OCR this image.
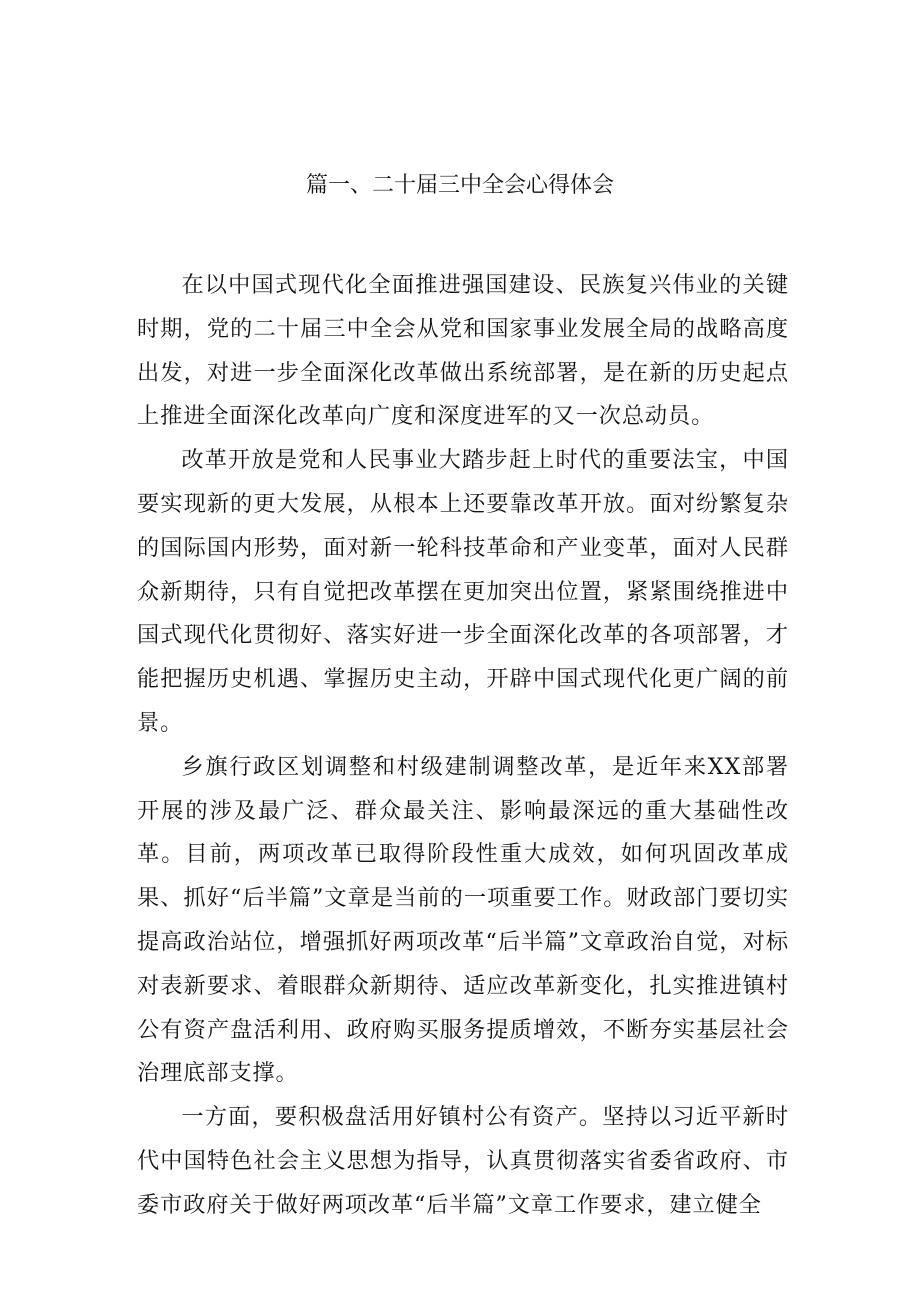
篇一、二十届三中全会心得体会

在以中国式现代化全面推进强国建设、民族复兴伟业的关键时期，党的二十届三中全会从党和国家事业发展全局的战略高度出发，对进一步全面深化改革做出系统部署，是在新的历史起点上推进全面深化改革向广度和深度进军的又一次总动员。

改革开放是党和人民事业大踏步赶上时代的重要法宝，中国要实现新的更大发展，从根本上还要靠改革开放。面对纷繁复杂的国际国内形势，面对新一轮科技革命和产业变革，面对人民群众新期待，只有自觉把改革摆在更加突出位置，紧紧围绕推进中国式现代化贯彻好、落实好进一步全面深化改革的各项部署，才能把握历史机遇、掌握历史主动，开辟中国式现代化更广阔的前景。

乡旗行政区划调整和村级建制调整改革，是近年来XX部署开展的涉及最广泛、群众最关注、影响最深远的重大基础性改革。目前，两项改革已取得阶段性重大成效，如何巩固改革成果、抓好“后半篇”文章是当前的一项重要工作。财政部门要切实提高政治站位，增强抓好两项改革“后半篇”文章政治自觉，对标对表新要求、着眼群众新期待、适应改革新变化，扎实推进镇村公有资产盘活利用、政府购买服务提质增效，不断夯实基层社会治理底部支撑。

一方面，要积极盘活用好镇村公有资产。坚持以习近平新时代中国特色社会主义思想为指导，认真贯彻落实省委省政府、市委市政府关于做好两项改革“后半篇”文章工作要求，建立健全
